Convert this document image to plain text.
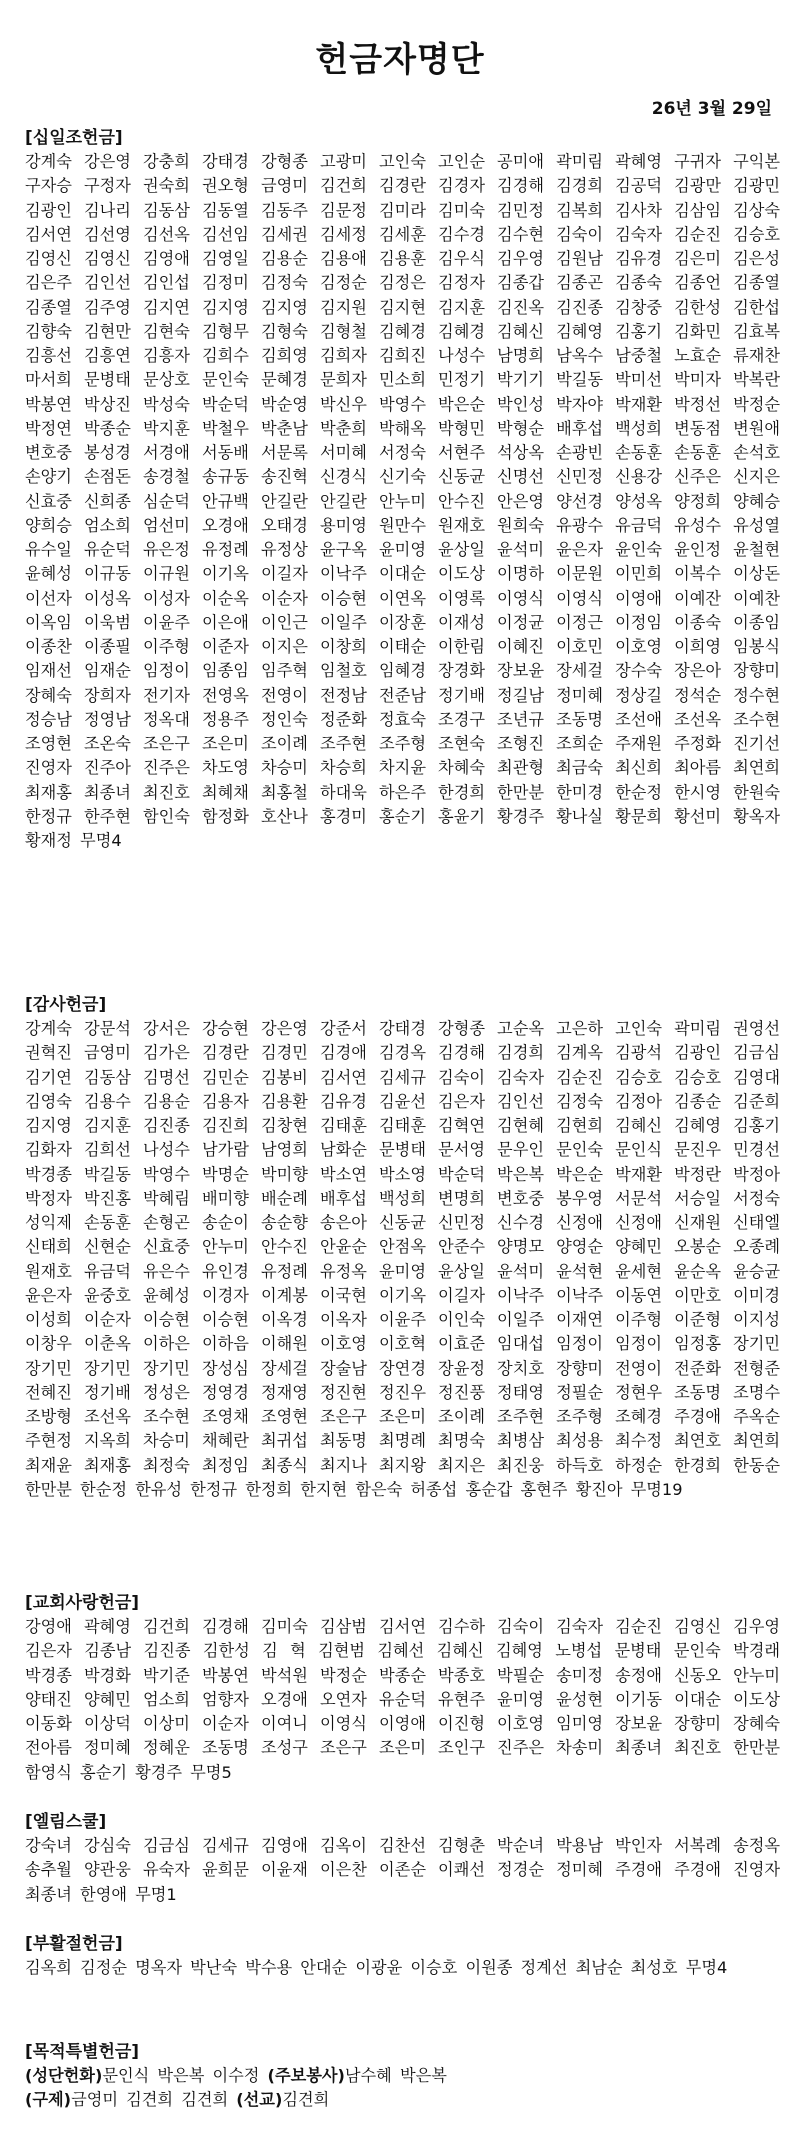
헌금자명단
26년 3월 29일

[십일조헌금]

강계숙 강은영 강충희 강태경 강형종 고광미 고인숙 고인순 공미애 곽미림 곽혜영 구귀자 구익본 구자승 구정자 권숙희 권오형 금영미 김건희 김경란 김경자 김경해 김경희 김공덕 김광만 김광민 김광인 김나리 김동삼 김동열 김동주 김문정 김미라 김미숙 김민정 김복희 김사차 김삼임 김상숙 김서연 김선영 김선옥 김선임 김세권 김세정 김세훈 김수경 김수현 김숙이 김숙자 김순진 김승호 김영신 김영신 김영애 김영일 김용순 김용애 김용훈 김우식 김우영 김원남 김유경 김은미 김은성 김은주 김인선 김인섭 김정미 김정숙 김정순 김정은 김정자 김종갑 김종곤 김종숙 김종언 김종열 김종열 김주영 김지연 김지영 김지영 김지원 김지현 김지훈 김진옥 김진종 김창중 김한성 김한섭 김향숙 김현만 김현숙 김형무 김형숙 김형철 김혜경 김혜경 김혜신 김혜영 김홍기 김화민 김효복 김흥선 김흥연 김흥자 김희수 김희영 김희자 김희진 나성수 남명희 남옥수 남중철 노효순 류재찬 마서희 문병태 문상호 문인숙 문혜경 문희자 민소희 민정기 박기기 박길동 박미선 박미자 박복란 박봉연 박상진 박성숙 박순덕 박순영 박신우 박영수 박은순 박인성 박자야 박재환 박정선 박정순 박정연 박종순 박지훈 박철우 박춘남 박춘희 박해옥 박형민 박형순 배후섭 백성희 변동점 변원애 변호중 봉성경 서경애 서동배 서문록 서미혜 서정숙 서현주 석상옥 손광빈 손동훈 손동훈 손석호 손양기 손점돈 송경철 송규동 송진혁 신경식 신기숙 신동균 신명선 신민정 신용강 신주은 신지은 신효중 신희종 심순덕 안규백 안길란 안길란 안누미 안수진 안은영 양선경 양성옥 양정희 양혜승 양희승 엄소희 엄선미 오경애 오태경 용미영 원만수 원재호 원희숙 유광수 유금덕 유성수 유성열 유수일 유순덕 유은정 유정례 유정상 윤구옥 윤미영 윤상일 윤석미 윤은자 윤인숙 윤인정 윤철현 윤혜성 이규동 이규원 이기옥 이길자 이낙주 이대순 이도상 이명하 이문원 이민희 이복수 이상돈 이선자 이성옥 이성자 이순옥 이순자 이승현 이연옥 이영록 이영식 이영식 이영애 이예잔 이예찬 이옥임 이욱범 이윤주 이은애 이인근 이일주 이장훈 이재성 이정균 이정근 이정임 이종숙 이종임 이종찬 이종필 이주형 이준자 이지은 이창희 이태순 이한림 이혜진 이호민 이호영 이희영 임봉식 임재선 임재순 임정이 임종임 임주혁 임철호 임혜경 장경화 장보윤 장세걸 장수숙 장은아 장향미 장혜숙 장희자 전기자 전영옥 전영이 전정남 전준남 정기배 정길남 정미혜 정상길 정석순 정수현 정승남 정영남 정옥대 정용주 정인숙 정준화 정효숙 조경구 조년규 조동명 조선애 조선옥 조수현 조영현 조온숙 조은구 조은미 조이례 조주현 조주형 조현숙 조형진 조희순 주재원 주정화 진기선 진영자 진주아 진주은 차도영 차승미 차승희 차지윤 차혜숙 최관형 최금숙 최신희 최아름 최연희 최재홍 최종녀 최진호 최혜채 최홍철 하대욱 하은주 한경희 한만분 한미경 한순정 한시영 한원숙 한정규 한주현 함인숙 함정화 호산나 홍경미 홍순기 홍윤기 황경주 황나실 황문희 황선미 황옥자 황재정 무명4

[감사헌금]

강계숙 강문석 강서은 강승현 강은영 강준서 강태경 강형종 고순옥 고은하 고인숙 곽미림 권영선 권혁진 금영미 김가은 김경란 김경민 김경애 김경옥 김경해 김경희 김계옥 김광석 김광인 김금심 김기연 김동삼 김명선 김민순 김봉비 김서연 김세규 김숙이 김숙자 김순진 김승호 김승호 김영대 김영숙 김용수 김용순 김용자 김용환 김유경 김윤선 김은자 김인선 김정숙 김정아 김종순 김준희 김지영 김지훈 김진종 김진희 김창현 김태훈 김태훈 김혁연 김현혜 김현희 김혜신 김혜영 김홍기 김화자 김희선 나성수 남가람 남영희 남화순 문병태 문서영 문우인 문인숙 문인식 문진우 민경선 박경종 박길동 박영수 박명순 박미향 박소연 박소영 박순덕 박은복 박은순 박재환 박정란 박정아 박정자 박진홍 박혜림 배미향 배순례 배후섭 백성희 변명희 변호중 봉우영 서문석 서승일 서정숙 성익제 손동훈 손형곤 송순이 송순향 송은아 신동균 신민정 신수경 신정애 신정애 신재원 신태엘 신태희 신현순 신효중 안누미 안수진 안윤순 안점옥 안준수 양명모 양영순 양혜민 오봉순 오종례 원재호 유금덕 유은수 유인경 유정례 유정옥 윤미영 윤상일 윤석미 윤석현 윤세현 윤순옥 윤승균 윤은자 윤중호 윤혜성 이경자 이계봉 이국현 이기옥 이길자 이낙주 이낙주 이동연 이만호 이미경 이성희 이순자 이승현 이승현 이옥경 이옥자 이윤주 이인숙 이일주 이재연 이주형 이준형 이지성 이창우 이춘옥 이하은 이하음 이해원 이호영 이호혁 이효준 임대섭 임정이 임정이 임정홍 장기민 장기민 장기민 장기민 장성심 장세걸 장술남 장연경 장윤정 장치호 장향미 전영이 전준화 전형준 전혜진 정기배 정성은 정영경 정재영 정진현 정진우 정진풍 정태영 정필순 정현우 조동명 조명수 조방형 조선옥 조수현 조영채 조영현 조은구 조은미 조이례 조주현 조주형 조혜경 주경애 주옥순 주현정 지옥희 차승미 채혜란 최귀섭 최동명 최명례 최명숙 최병삼 최성용 최수정 최연호 최연희 최재윤 최재홍 최정숙 최정임 최종식 최지나 최지왕 최지은 최진웅 하득호 하정순 한경희 한동순 한만분 한순정 한유성 한정규 한정희 한지현 함은숙 허종섭 홍순갑 홍현주 황진아 무명19

[교회사랑헌금]

강영애 곽혜영 김건희 김경해 김미숙 김삼범 김서연 김수하 김숙이 김숙자 김순진 김영신 김우영 김은자 김종남 김진종 김한성 김 혁 김현범 김혜선 김혜신 김혜영 노병섭 문병태 문인숙 박경래 박경종 박경화 박기준 박봉연 박석원 박정순 박종순 박종호 박필순 송미정 송정애 신동오 안누미 양태진 양혜민 엄소희 엄향자 오경애 오연자 유순덕 유현주 윤미영 윤성현 이기동 이대순 이도상 이동화 이상덕 이상미 이순자 이여니 이영식 이영애 이진형 이호영 임미영 장보윤 장향미 장혜숙 전아름 정미혜 정혜운 조동명 조성구 조은구 조은미 조인구 진주은 차송미 최종녀 최진호 한만분 함영식 홍순기 황경주 무명5

[엘림스쿨]

강숙녀 강심숙 김금심 김세규 김영애 김옥이 김찬선 김형춘 박순녀 박용남 박인자 서복례 송정옥 송추월 양관웅 유숙자 윤희문 이윤재 이은찬 이존순 이쾌선 정경순 정미혜 주경애 주경애 진영자 최종녀 한영애 무명1

[부활절헌금]

김옥희 김정순 명옥자 박난숙 박수용 안대순 이광윤 이승호 이원종 정계선 최남순 최성호 무명4

[목적특별헌금]

(성단헌화)문인식 박은복 이수정 (주보봉사)남수혜 박은복

(구제)금영미 김견희 김견희 (선교)김견희
